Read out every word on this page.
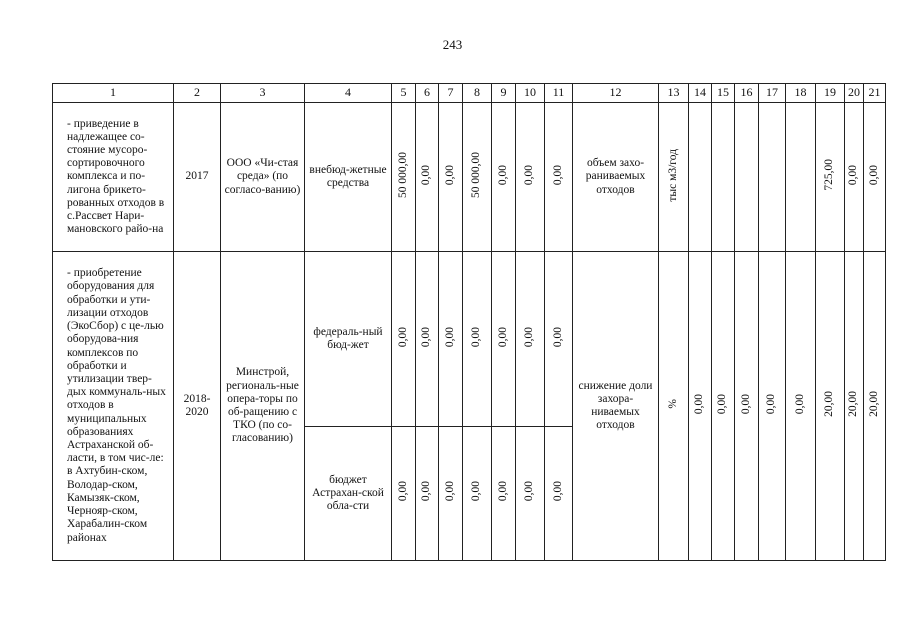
243
1	2	3	4	5	6	7	8	9	10	11	12	13	14	15	16	17	18	19	20	21
- приведение в надлежащее со-стояние мусоро-сортировочного комплекса и по-лигона брикето-рованных отходов в с.Рассвет Нари-мановского райо-на	2017	ООО «Чи-стая среда» (по согласо-ванию)	внебюд-жетные средства	50 000,00	0,00	0,00	50 000,00	0,00	0,00	0,00	объем захо-раниваемых отходов	тыс м3/год						725,00	0,00	0,00
- приобретение оборудования для обработки и ути-лизации отходов (ЭкоСбор) с це-лью оборудова-ния комплексов по обработки и утилизации твер-дых коммуналь-ных отходов в муниципальных образованиях Астраханской об-ласти, в том чис-ле: в Ахтубин-ском, Володар-ском, Камызяк-ском, Чернояр-ском, Харабалин-ском районах	2018-2020	Минстрой, региональ-ные опера-торы по об-ращению с ТКО (по со-гласованию)	федераль-ный бюд-жет	0,00	0,00	0,00	0,00	0,00	0,00	0,00	снижение доли захора-ниваемых отходов	%	0,00	0,00	0,00	0,00	0,00	20,00	20,00	20,00
			бюджет Астрахан-ской обла-сти	0,00	0,00	0,00	0,00	0,00	0,00	0,00										
